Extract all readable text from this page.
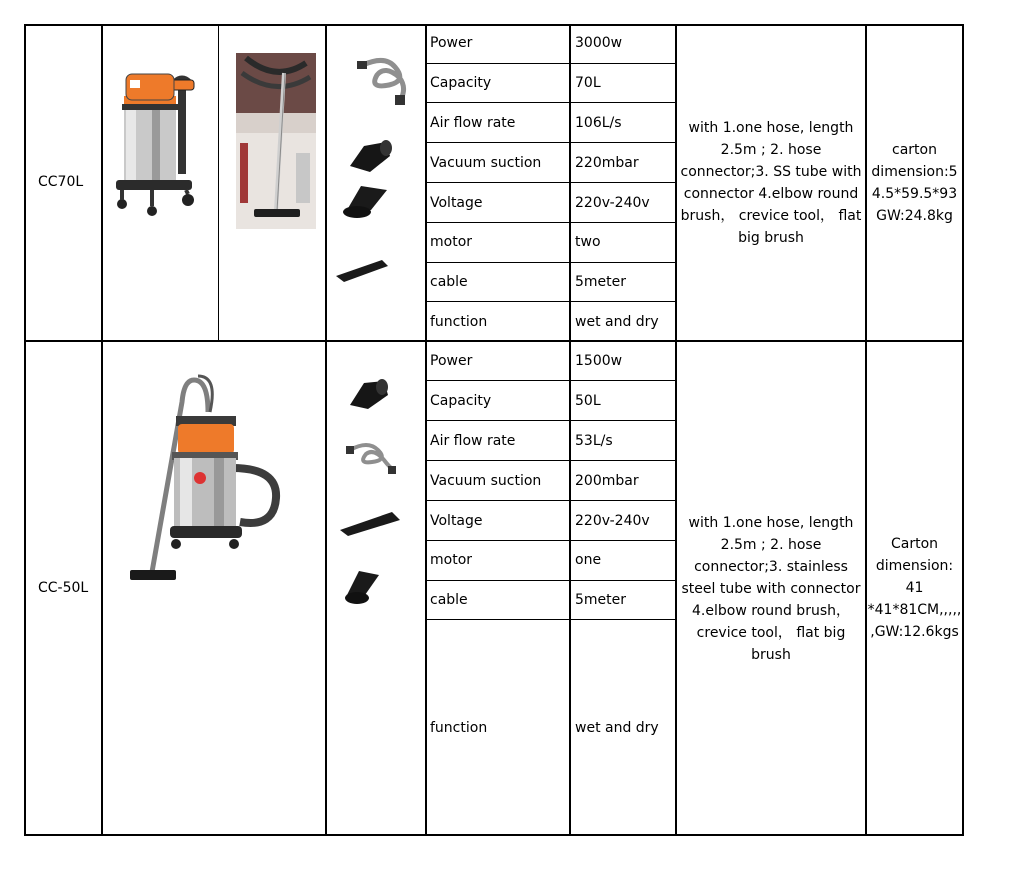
CC70L
Power	3000w
Capacity	70L
Air flow rate	106L/s
Vacuum suction 220mbar
Voltage	220v-240v
motor	two
cable	5meter
function	wet and dry
with 1.one hose, length
2.5m ; 2. hose
connector;3. SS tube with
connector 4.elbow round
brush， crevice tool， flat
big brush
carton
dimension:5
4.5*59.5*93
GW:24.8kg
CC-50L
Power	1500w
Capacity	50L
Air flow rate	53L/s
Vacuum suction 200mbar
Voltage	220v-240v
motor	one
cable	5meter
function	wet and dry
with 1.one hose, length
2.5m ; 2. hose
connector;3. stainless
steel tube with connector
4.elbow round brush，
crevice tool， flat big
brush
Carton
dimension:
41
*41*81CM,,,,,
,GW:12.6kgs
